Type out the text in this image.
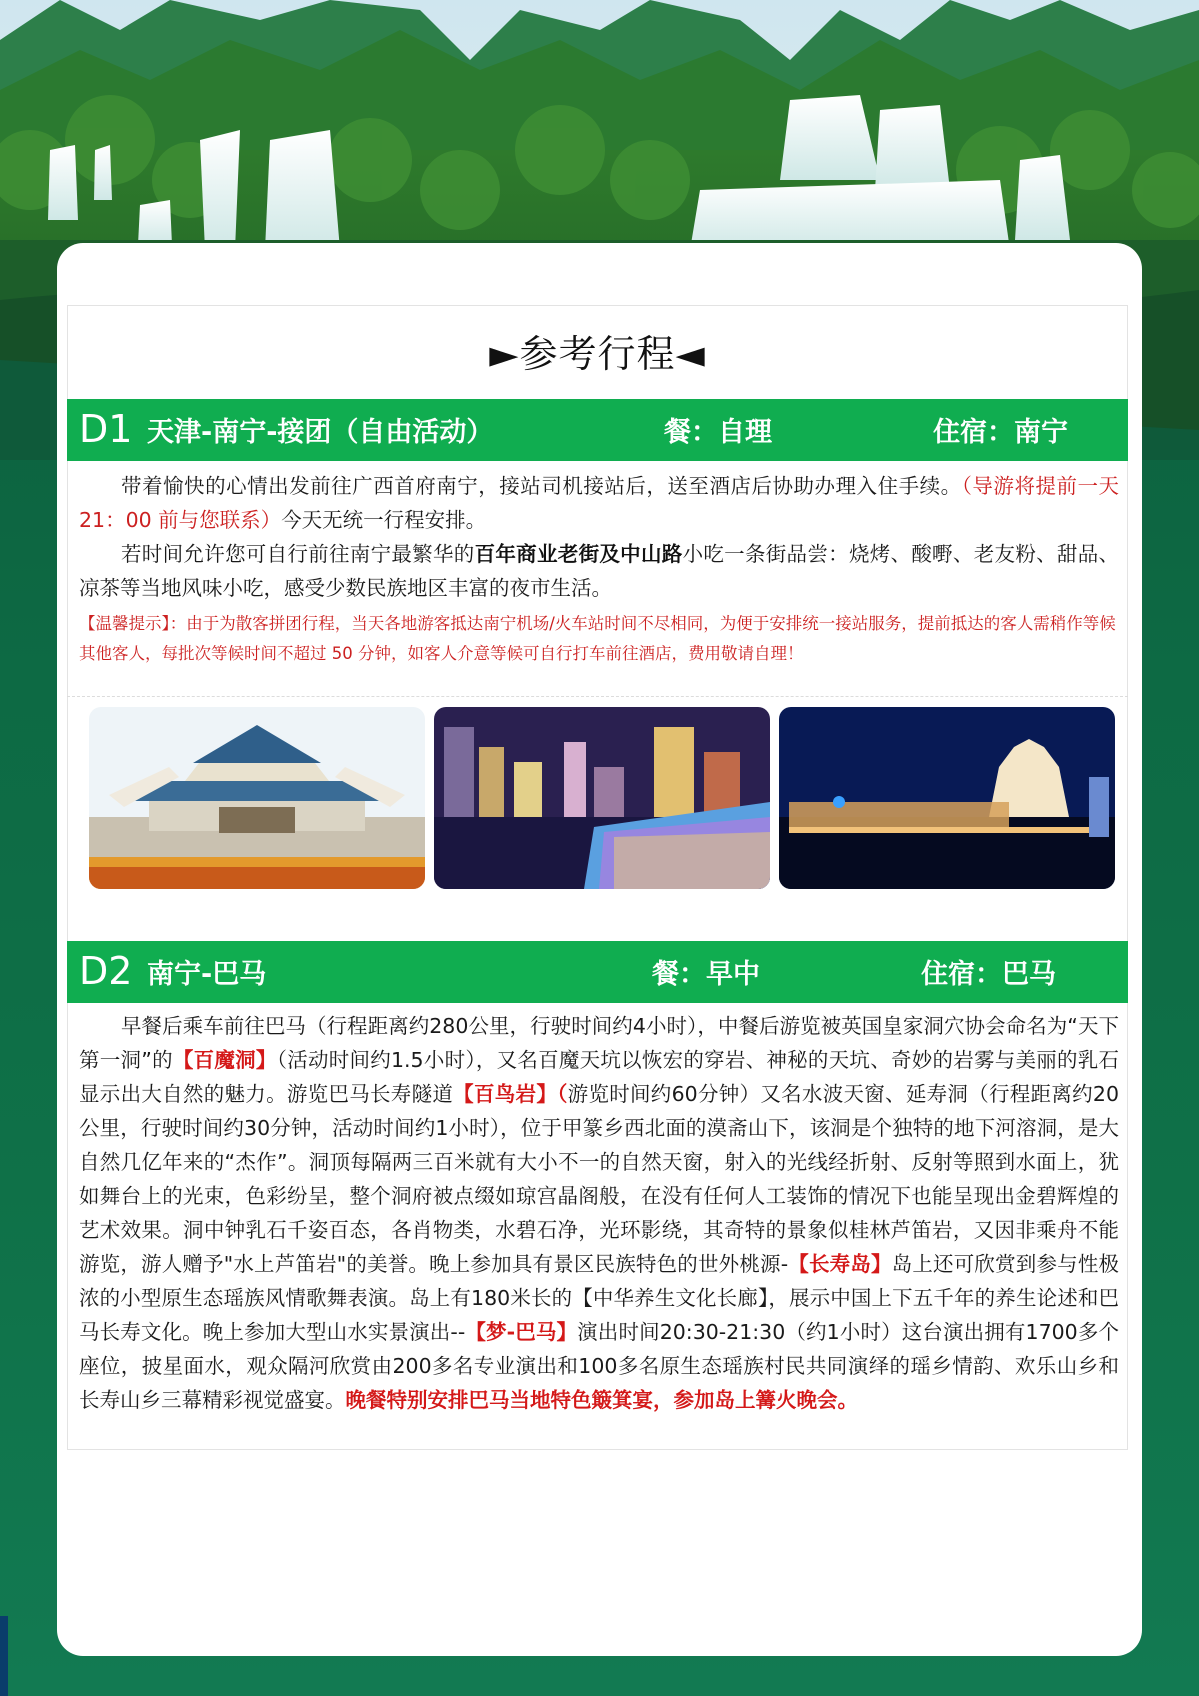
►参考行程◄
D1 天津-南宁-接团（自由活动）	餐：自理	住宿：南宁

带着愉快的心情出发前往广西首府南宁，接站司机接站后，送至酒店后协助办理入住手续。（导游将提前一天 21：00 前与您联系）今天无统一行程安排。

若时间允许您可自行前往南宁最繁华的百年商业老街及中山路小吃一条街品尝：烧烤、酸嘢、老友粉、甜品、凉茶等当地风味小吃，感受少数民族地区丰富的夜市生活。

【温馨提示】：由于为散客拼团行程，当天各地游客抵达南宁机场/火车站时间不尽相同，为便于安排统一接站服务，提前抵达的客人需稍作等候其他客人，每批次等候时间不超过 50 分钟，如客人介意等候可自行打车前往酒店，费用敬请自理！
D2 南宁-巴马	餐：早中	住宿：巴马

早餐后乘车前往巴马（行程距离约280公里，行驶时间约4小时），中餐后游览被英国皇家洞穴协会命名为“天下第一洞”的【百魔洞】（活动时间约1.5小时），又名百魔天坑以恢宏的穿岩、神秘的天坑、奇妙的岩雾与美丽的乳石显示出大自然的魅力。游览巴马长寿隧道【百鸟岩】（游览时间约60分钟）又名水波天窗、延寿洞（行程距离约20公里，行驶时间约30分钟，活动时间约1小时），位于甲篆乡西北面的漠斋山下，该洞是个独特的地下河溶洞，是大自然几亿年来的“杰作”。洞顶每隔两三百米就有大小不一的自然天窗，射入的光线经折射、反射等照到水面上，犹如舞台上的光束，色彩纷呈，整个洞府被点缀如琼宫晶阁般，在没有任何人工装饰的情况下也能呈现出金碧辉煌的艺术效果。洞中钟乳石千姿百态，各肖物类，水碧石净，光环影绕，其奇特的景象似桂林芦笛岩，又因非乘舟不能游览，游人赠予"水上芦笛岩"的美誉。晚上参加具有景区民族特色的世外桃源-【长寿岛】岛上还可欣赏到参与性极浓的小型原生态瑶族风情歌舞表演。岛上有180米长的【中华养生文化长廊】，展示中国上下五千年的养生论述和巴马长寿文化。晚上参加大型山水实景演出--【梦-巴马】演出时间20:30-21:30（约1小时）这台演出拥有1700多个座位，披星面水，观众隔河欣赏由200多名专业演出和100多名原生态瑶族村民共同演绎的瑶乡情韵、欢乐山乡和长寿山乡三幕精彩视觉盛宴。晚餐特别安排巴马当地特色簸箕宴，参加岛上篝火晚会。
